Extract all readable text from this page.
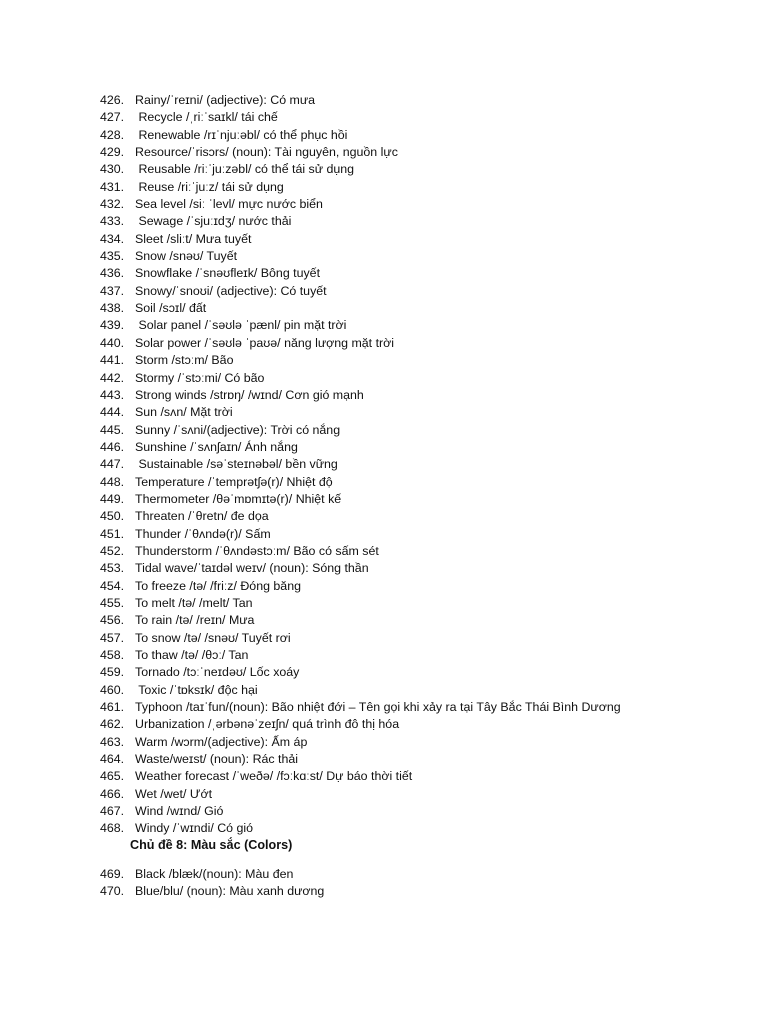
426. Rainy/ˈreɪni/ (adjective): Có mưa
427. Recycle /ˌriːˈsaɪkl/ tái chế
428. Renewable /rɪˈnjuːəbl/ có thể phục hồi
429. Resource/ˈrisɔrs/ (noun): Tài nguyên, nguồn lực
430. Reusable /riːˈjuːzəbl/ có thể tái sử dụng
431. Reuse /riːˈjuːz/ tái sử dụng
432. Sea level /siː ˈlevl/ mực nước biển
433. Sewage /ˈsjuːɪdʒ/ nước thải
434. Sleet /sliːt/ Mưa tuyết
435. Snow /snəʊ/ Tuyết
436. Snowflake /ˈsnəʊfleɪk/ Bông tuyết
437. Snowy/ˈsnoʊi/ (adjective): Có tuyết
438. Soil /sɔɪl/ đất
439. Solar panel /ˈsəʊlə ˈpænl/ pin mặt trời
440. Solar power /ˈsəʊlə ˈpaʊə/ năng lượng mặt trời
441. Storm /stɔːm/ Bão
442. Stormy /ˈstɔːmi/ Có bão
443. Strong winds /strɒŋ/ /wɪnd/ Cơn gió mạnh
444. Sun /sʌn/ Mặt trời
445. Sunny /ˈsʌni/(adjective): Trời có nắng
446. Sunshine /ˈsʌnʃaɪn/ Ánh nắng
447. Sustainable /səˈsteɪnəbəl/ bền vững
448. Temperature /ˈtemprətʃə(r)/ Nhiệt độ
449. Thermometer /θəˈmɒmɪtə(r)/ Nhiệt kế
450. Threaten /ˈθretn/ đe dọa
451. Thunder /ˈθʌndə(r)/ Sấm
452. Thunderstorm /ˈθʌndəstɔːm/ Bão có sấm sét
453. Tidal wave/ˈtaɪdəl weɪv/ (noun): Sóng thần
454. To freeze /tə/ /friːz/ Đóng băng
455. To melt /tə/ /melt/ Tan
456. To rain /tə/ /reɪn/ Mưa
457. To snow /tə/ /snəʊ/ Tuyết rơi
458. To thaw /tə/ /θɔː/ Tan
459. Tornado /tɔːˈneɪdəʊ/ Lốc xoáy
460. Toxic /ˈtɒksɪk/ độc hại
461. Typhoon /taɪˈfun/(noun): Bão nhiệt đới – Tên gọi khi xảy ra tại Tây Bắc Thái Bình Dương
462. Urbanization /ˌərbənəˈzeɪʃn/ quá trình đô thị hóa
463. Warm /wɔrm/(adjective): Ấm áp
464. Waste/weɪst/ (noun): Rác thải
465. Weather forecast /ˈweðə/ /fɔːkɑːst/ Dự báo thời tiết
466. Wet /wet/ Ướt
467. Wind /wɪnd/ Gió
468. Windy /ˈwɪndi/ Có gió
Chủ đề 8: Màu sắc (Colors)
469. Black /blæk/(noun): Màu đen
470. Blue/blu/ (noun): Màu xanh dương
